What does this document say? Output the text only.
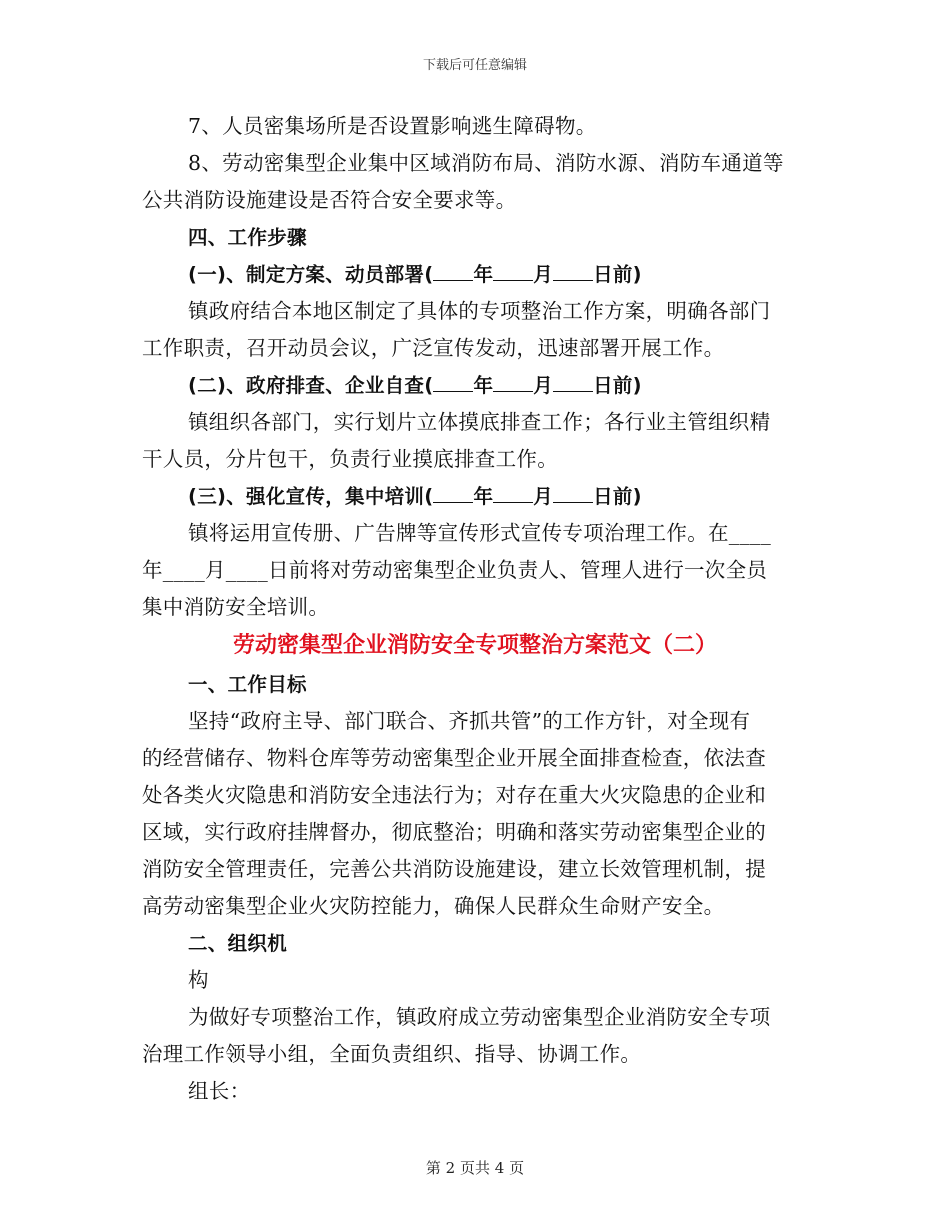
下载后可任意编辑
7、人员密集场所是否设置影响逃生障碍物。
8、劳动密集型企业集中区域消防布局、消防水源、消防车通道等
公共消防设施建设是否符合安全要求等。
四、工作步骤
(一)、制定方案、动员部署( 年 月 日前)
镇政府结合本地区制定了具体的专项整治工作方案，明确各部门
工作职责，召开动员会议，广泛宣传发动，迅速部署开展工作。
(二)、政府排查、企业自查( 年 月 日前)
镇组织各部门，实行划片立体摸底排查工作；各行业主管组织精
干人员，分片包干，负责行业摸底排查工作。
(三)、强化宣传，集中培训( 年 月 日前)
镇将运用宣传册、广告牌等宣传形式宣传专项治理工作。在____
年____月____日前将对劳动密集型企业负责人、管理人进行一次全员
集中消防安全培训。
劳动密集型企业消防安全专项整治方案范文（二）
一、工作目标
坚持“政府主导、部门联合、齐抓共管”的工作方针，对全现有
的经营储存、物料仓库等劳动密集型企业开展全面排查检查，依法查
处各类火灾隐患和消防安全违法行为；对存在重大火灾隐患的企业和
区域，实行政府挂牌督办，彻底整治；明确和落实劳动密集型企业的
消防安全管理责任，完善公共消防设施建设，建立长效管理机制，提
高劳动密集型企业火灾防控能力，确保人民群众生命财产安全。
二、组织机
构
为做好专项整治工作，镇政府成立劳动密集型企业消防安全专项
治理工作领导小组，全面负责组织、指导、协调工作。
组长：
第 2 页共 4 页
